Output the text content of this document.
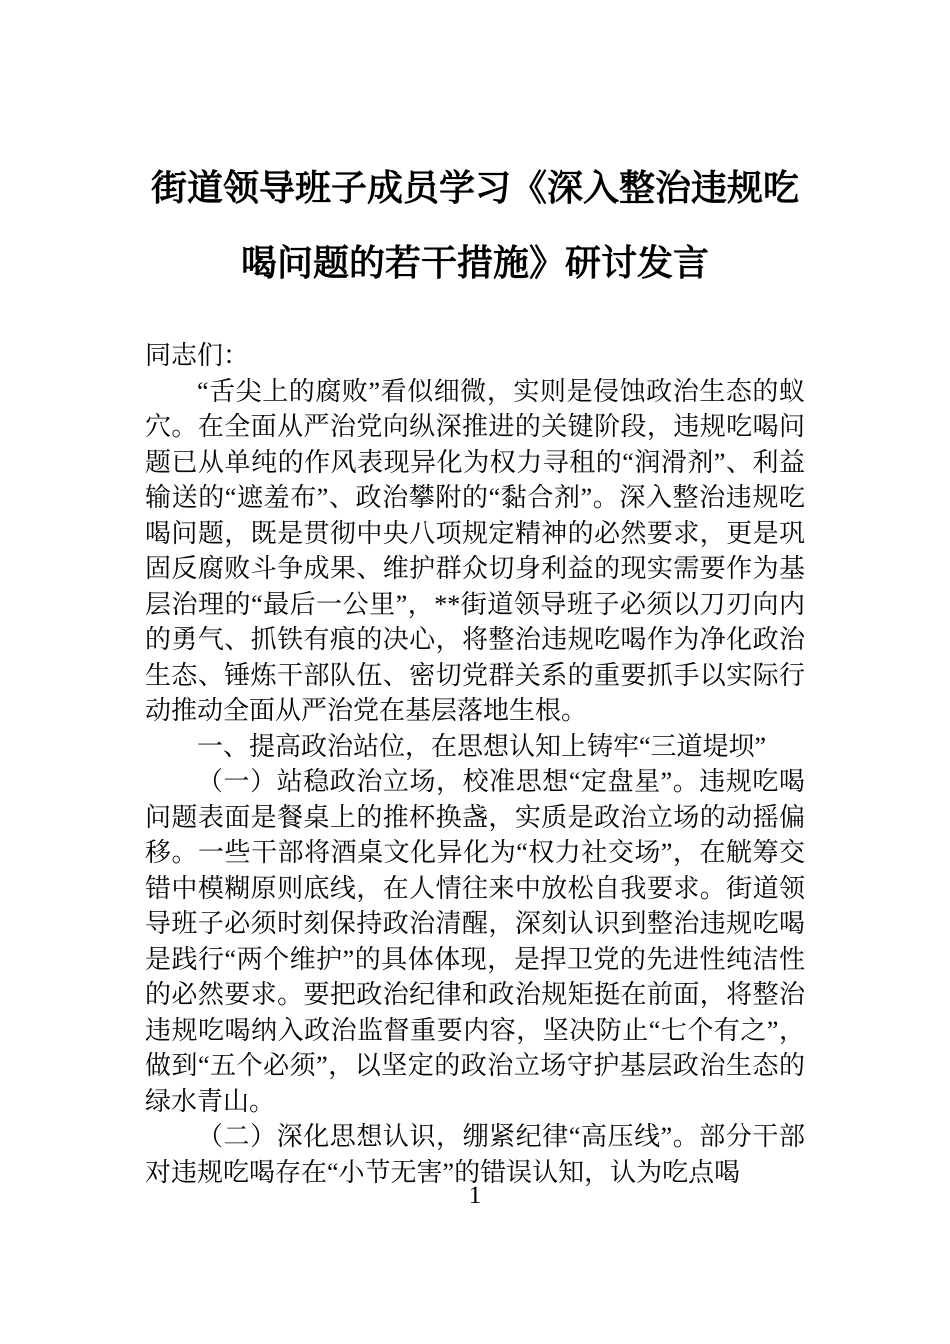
街道领导班子成员学习《深入整治违规吃喝问题的若干措施》研讨发言

同志们：

“舌尖上的腐败”看似细微，实则是侵蚀政治生态的蚁穴。在全面从严治党向纵深推进的关键阶段，违规吃喝问题已从单纯的作风表现异化为权力寻租的“润滑剂”、利益输送的“遮羞布”、政治攀附的“黏合剂”。深入整治违规吃喝问题，既是贯彻中央八项规定精神的必然要求，更是巩固反腐败斗争成果、维护群众切身利益的现实需要作为基层治理的“最后一公里”，**街道领导班子必须以刀刃向内的勇气、抓铁有痕的决心，将整治违规吃喝作为净化政治生态、锤炼干部队伍、密切党群关系的重要抓手以实际行动推动全面从严治党在基层落地生根。

一、提高政治站位，在思想认知上铸牢“三道堤坝”

（一）站稳政治立场，校准思想“定盘星”。违规吃喝问题表面是餐桌上的推杯换盏，实质是政治立场的动摇偏移。一些干部将酒桌文化异化为“权力社交场”，在觥筹交错中模糊原则底线，在人情往来中放松自我要求。街道领导班子必须时刻保持政治清醒，深刻认识到整治违规吃喝是践行“两个维护”的具体体现，是捍卫党的先进性纯洁性的必然要求。要把政治纪律和政治规矩挺在前面，将整治违规吃喝纳入政治监督重要内容，坚决防止“七个有之”，做到“五个必须”，以坚定的政治立场守护基层政治生态的绿水青山。

（二）深化思想认识，绷紧纪律“高压线”。部分干部对违规吃喝存在“小节无害”的错误认知，认为吃点喝

1
